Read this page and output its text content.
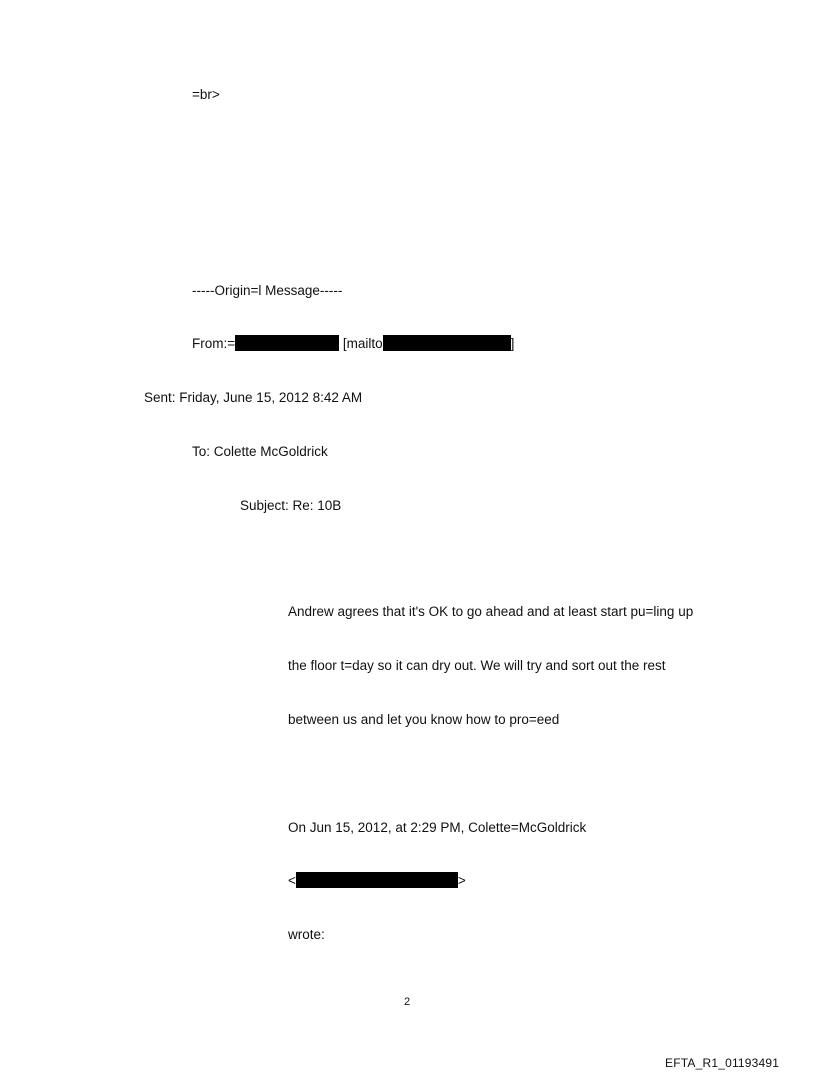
=br>
-----Origin=l Message-----
From:=	[mailto	]
Sent: Friday, June 15, 2012 8:42 AM
To: Colette McGoldrick
Subject: Re: 10B
Andrew agrees that it's OK to go ahead and at least start pu=ling up
the floor t=day so it can dry out. We will try and sort out the rest
between us and let you know how to pro=eed
On Jun 15, 2012, at 2:29 PM, Colette=McGoldrick
<	>
wrote:
2
EFTA_R1_01193491
